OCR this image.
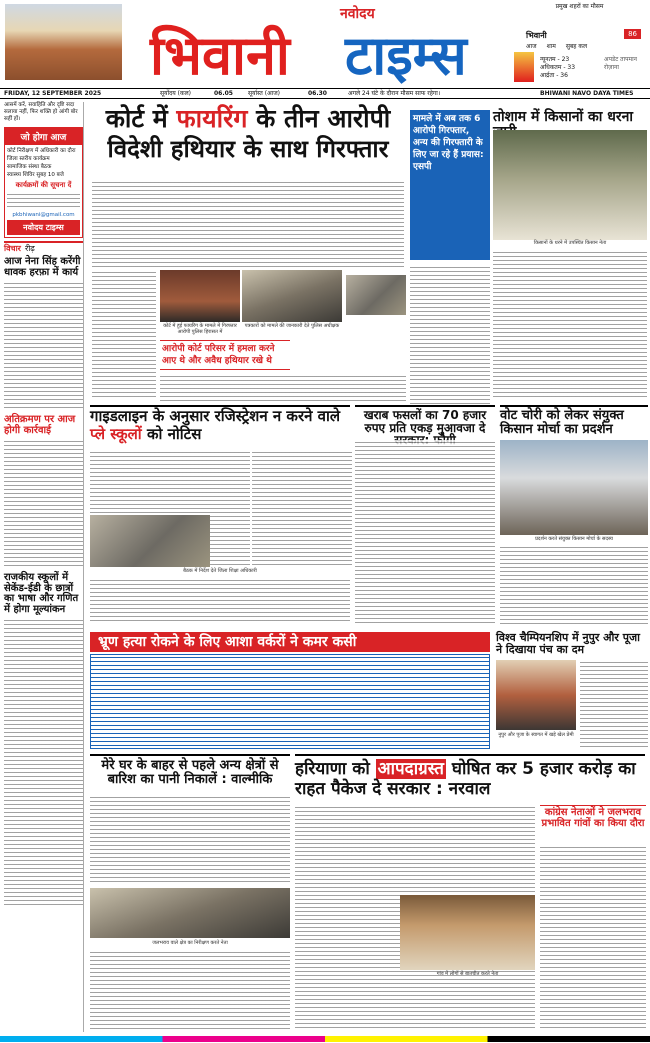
नवोदय
भिवानी टाइम्स
प्रमुख शहरों का मौसम
भिवानी	86
आज शाम सुबह कल
न्यूनतम - 23
अधिकतम - 33
आर्द्रता - 36
अपडेट तापमान
रोज़ाना
FRIDAY, 12 SEPTEMBER 2025	सूर्योदय (कल)	06.05	सूर्यास्त (आज)	06.30	अगले 24 घंटे के दौरान मौसम साफ रहेगा।	BHIWANI NAVO DAYA TIMES
आसमें करें, सवाहिति और दृष्टि सदा सलाया नहीं, फिर शक्ति हो आंगी बोर सहीं हों।
जो होगा आज
कोर्ट निरीक्षण में अधिकारी का दौरा
जिला स्तरीय कार्यक्रम
सामाजिक संस्था बैठक
स्वास्थ्य शिविर सुबह 10 बजे
कार्यक्रमों की सूचना दें
pkbhiwani@gmail.com
नवोदय टाइम्स
विचार रीढ़
आज नेना सिंह करेंगी धावक हरफ़ा में कार्य
अतिक्रमण पर आज होगी कार्रवाई
राजकीय स्कूलों में सेकेंड-ईडी के छात्रों का भाषा और गणित में होगा मूल्यांकन
कोर्ट में फायरिंग के तीन आरोपी
विदेशी हथियार के साथ गिरफ्तार
मामले में अब तक 6 आरोपी गिरफ्तार, अन्य की गिरफ्तारी के लिए जा रहे हैं प्रयास: एसपी
कोर्ट में हुई फायरिंग के मामले में गिरफ्तार आरोपी पुलिस हिरासत में
पत्रकारों को मामले की जानकारी देते पुलिस अधीक्षक
आरोपी कोर्ट परिसर में हमला करने आए थे और अवैध हथियार रखे थे
तोशाम में किसानों का धरना
किसानों के धरने में उपस्थित किसान नेता
गाइडलाइन के अनुसार रजिस्ट्रेशन न करने वाले प्ले स्कूलों को नोटिस
बैठक में निर्देश देते जिला शिक्षा अधिकारी
खराब फसलों का 70 हजार रुपए प्रति एकड़ मुआवजा दे
वोट चोरी को लेकर संयुक्त किसान मोर्चा का प्रदर्शन
प्रदर्शन करते संयुक्त किसान मोर्चा के सदस्य
भ्रूण हत्या रोकने के लिए आशा वर्करों ने कमर कसी	विश्व चैम्पियनशिप में नुपुर और पूजा ने दिखाया पंच का दम
नुपुर और पूजा के स्वागत में खड़े खेल प्रेमी
मेरे घर के बाहर से पहले अन्य क्षेत्रों से बारिश का पानी निकालें : वाल्मीकि
जलभराव वाले क्षेत्र का निरीक्षण करते नेता
हरियाणा को आपदाग्रस्त घोषित कर 5 हजार करोड़ का राहत पैकेज दे सरकार : नरवाल
गांव में लोगों से बातचीत करते नेता
कांग्रेस नेताओं ने जलभराव प्रभावित गांवों का किया दौरा
